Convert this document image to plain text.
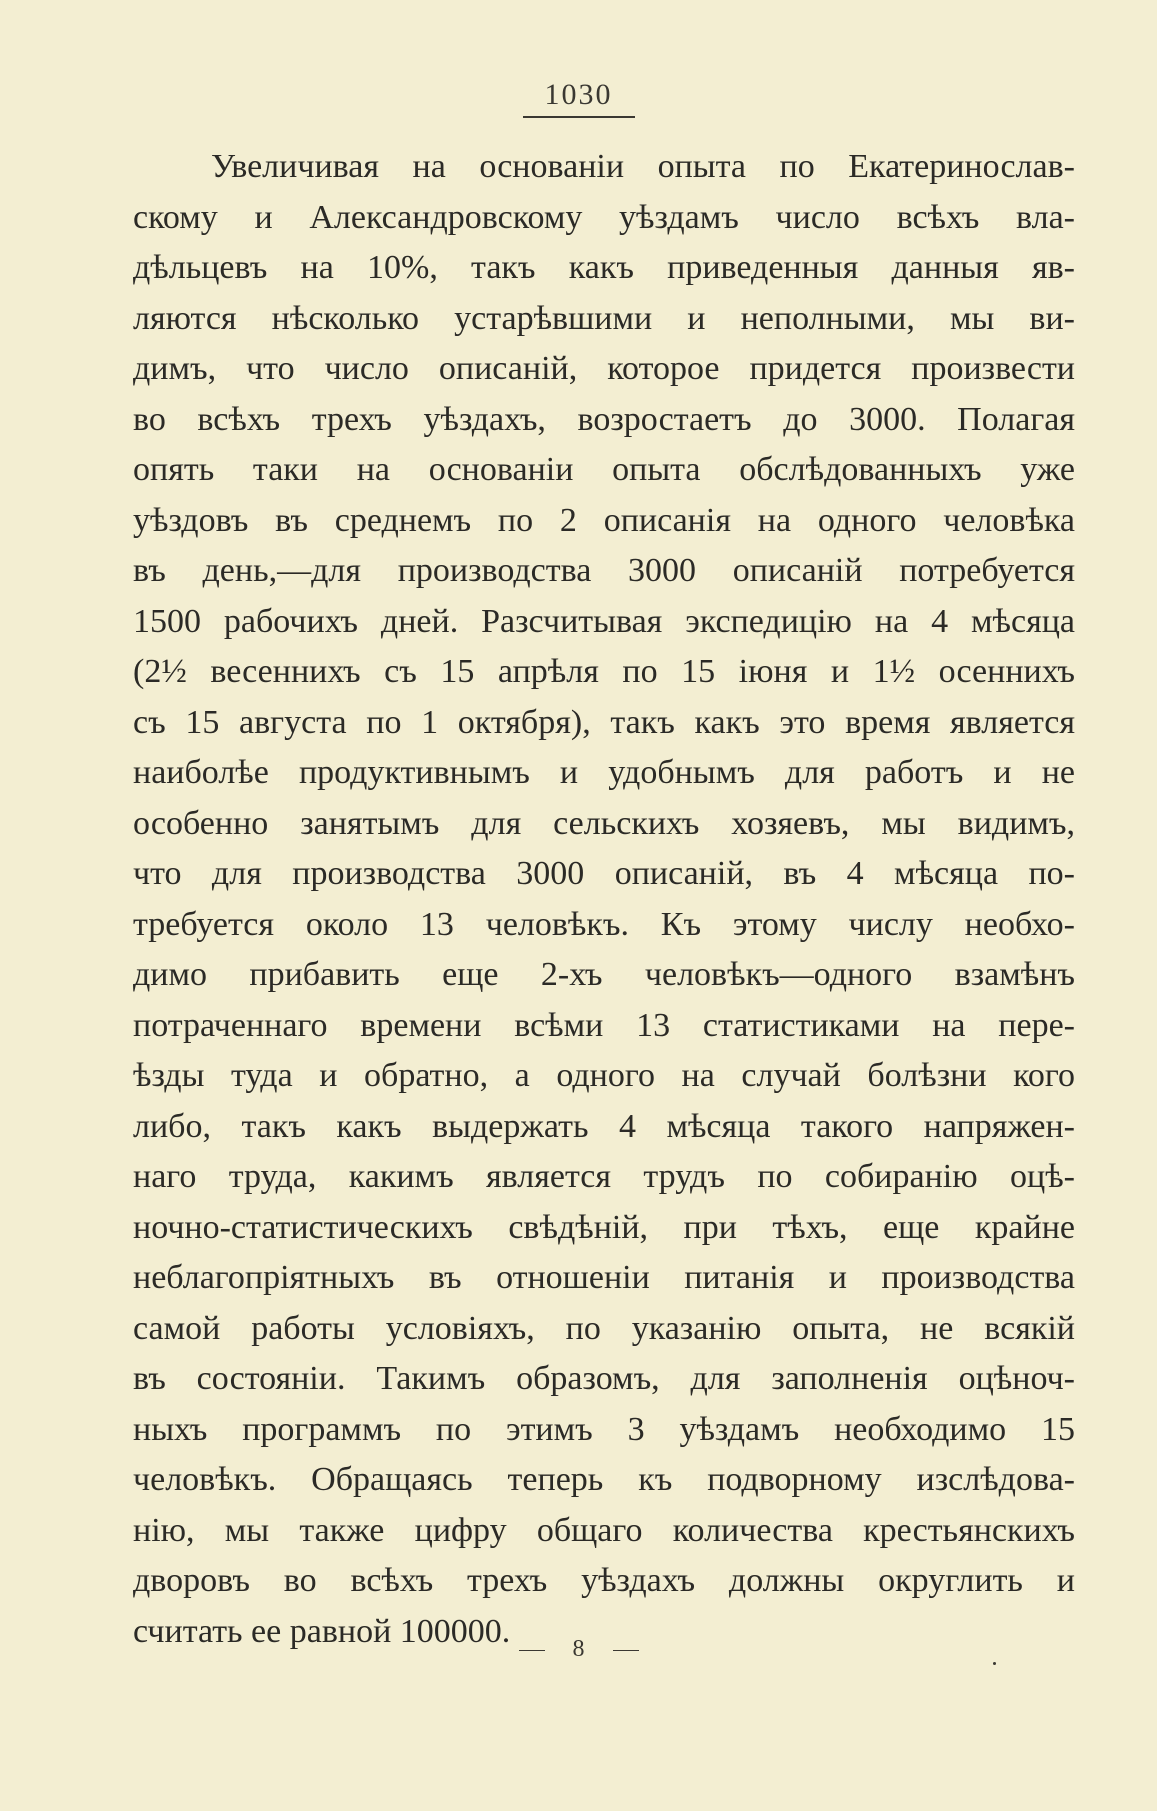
1030
Увеличивая на основанiи опыта по Екатеринослав-
скому и Александровскому уѣздамъ число всѣхъ вла-
дѣльцевъ на 10%, такъ какъ приведенныя данныя яв-
ляются нѣсколько устарѣвшими и неполными, мы ви-
димъ, что число описанiй, которое придется произвести
во всѣхъ трехъ уѣздахъ, возростаетъ до 3000. Полагая
опять таки на основанiи опыта обслѣдованныхъ уже
уѣздовъ въ среднемъ по 2 описанiя на одного человѣка
въ день,—для производства 3000 описанiй потребуется
1500 рабочихъ дней. Разсчитывая экспедицiю на 4 мѣсяца
(2½ весеннихъ съ 15 апрѣля по 15 iюня и 1½ осеннихъ
съ 15 августа по 1 октября), такъ какъ это время является
наиболѣе продуктивнымъ и удобнымъ для работъ и не
особенно занятымъ для сельскихъ хозяевъ, мы видимъ,
что для производства 3000 описанiй, въ 4 мѣсяца по-
требуется около 13 человѣкъ. Къ этому числу необхо-
димо прибавить еще 2-хъ человѣкъ—одного взамѣнъ
потраченнаго времени всѣми 13 статистиками на пере-
ѣзды туда и обратно, а одного на случай болѣзни кого
либо, такъ какъ выдержать 4 мѣсяца такого напряжен-
наго труда, какимъ является трудъ по собиранiю оцѣ-
ночно-статистическихъ свѣдѣнiй, при тѣхъ, еще крайне
неблагопрiятныхъ въ отношенiи питанiя и производства
самой работы условiяхъ, по указанiю опыта, не всякiй
въ состоянiи. Такимъ образомъ, для заполненiя оцѣноч-
ныхъ программъ по этимъ 3 уѣздамъ необходимо 15
человѣкъ. Обращаясь теперь къ подворному изслѣдова-
нiю, мы также цифру общаго количества крестьянскихъ
дворовъ во всѣхъ трехъ уѣздахъ должны округлить и
считать ее равной 100000.	8
